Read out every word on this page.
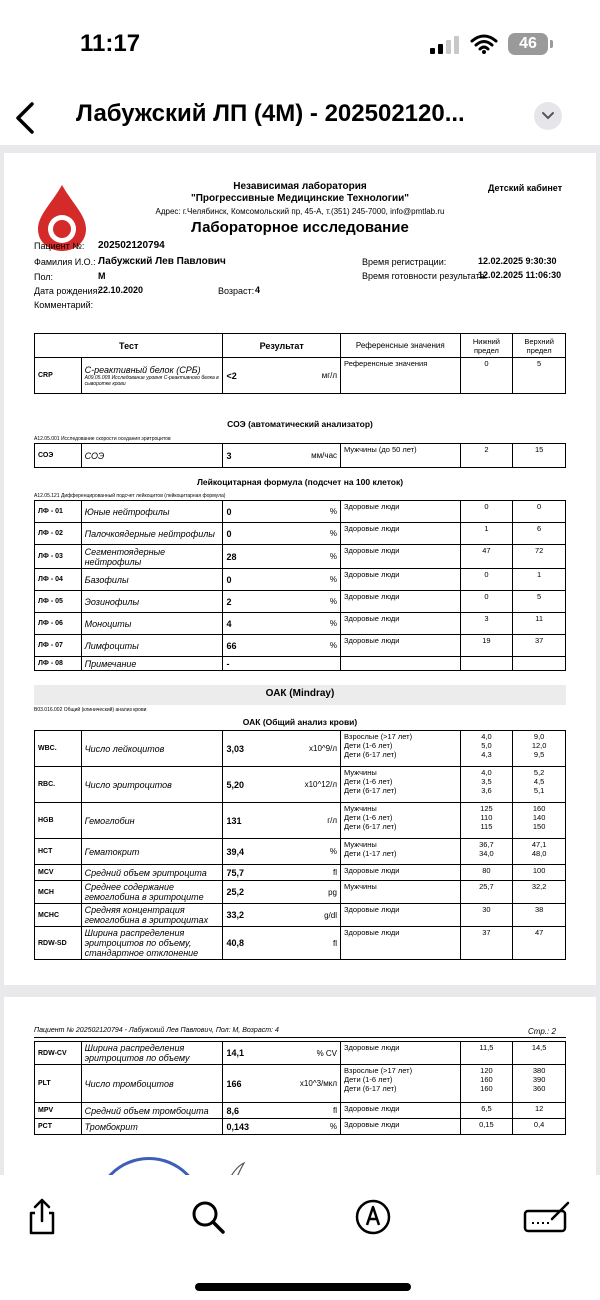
11:17	46
Лабужский ЛП (4М) - 202502120...
Независимая лаборатория
"Прогрессивные Медицинские Технологии"
Адрес: г.Челябинск, Комсомольский пр, 45-А, т.(351) 245-7000, info@pmtlab.ru
Детский кабинет
Лабораторное исследование
Пациент №: 202502120794
Фамилия И.О.: Лабужский Лев Павлович
Пол:	М
Дата рождения:
22.10.2020	Возраст: 4
Комментарий:
Время регистрации:	12.02.2025 9:30:30
Время готовности результата:
12.02.2025 11:06:30
Тест		Результат		Референсные значения	Нижний предел	Верхний предел
CRP	С-реактивный белок (СРБ)
A09.05.009 Исследование уровня С-реактивного белка в сыворотке крови	<2	мг/л	Референсные значения	0	5
СОЭ (автоматический анализатор)
A12.05.001 Исследование скорости оседания эритроцитов
СОЭ	СОЭ	3	мм/час	Мужчины (до 50 лет)	2	15
Лейкоцитарная формула (подсчет на 100 клеток)
A12.05.121 Дифференцированный подсчет лейкоцитов (лейкоцитарная формула)
ЛФ - 01	Юные нейтрофилы	0	%	Здоровые люди	0	0
ЛФ - 02	Палочкоядерные нейтрофилы	0	%	Здоровые люди	1	6
ЛФ - 03	Сегментоядерные нейтрофилы	28	%	Здоровые люди	47	72
ЛФ - 04	Базофилы	0	%	Здоровые люди	0	1
ЛФ - 05	Эозинофилы	2	%	Здоровые люди	0	5
ЛФ - 06	Моноциты	4	%	Здоровые люди	3	11
ЛФ - 07	Лимфоциты	66	%	Здоровые люди	19	37
ЛФ - 08	Примечание	-				
ОАК (Mindray)
B03.016.002 Общий (клинический) анализ крови
ОАК (Общий анализ крови)
WBC.	Число лейкоцитов	3,03	x10^9/л	Взрослые (>17 лет)
Дети (1-6 лет)
Дети (6-17 лет)	4,0
5,0
4,3	9,0
12,0
9,5
RBC.	Число эритроцитов	5,20	x10^12/л	Мужчины
Дети (1-6 лет)
Дети (6-17 лет)	4,0
3,5
3,6	5,2
4,5
5,1
HGB	Гемоглобин	131	г/л	Мужчины
Дети (1-6 лет)
Дети (6-17 лет)	125
110
115	160
140
150
HCT	Гематокрит	39,4	%	Мужчины
Дети (1-17 лет)	36,7
34,0	47,1
48,0
MCV	Средний объем эритроцита	75,7	fl	Здоровые люди	80	100
MCH	Среднее содержание гемоглобина в эритроците	25,2	pg	Мужчины	25,7	32,2
MCHC	Средняя концентрация гемоглобина в эритроцитах	33,2	g/dl	Здоровые люди	30	38
RDW-SD	Ширина распределения эритроцитов по объему, стандартное отклонение	40,8	fl	Здоровые люди	37	47
Пациент № 202502120794 - Лабужский Лев Павлович, Пол: М, Возраст: 4	Стр.: 2
RDW-CV	Ширина распределения эритроцитов по объему	14,1	% CV	Здоровые люди	11,5	14,5
PLT	Число тромбоцитов	166	x10^3/мкл	Взрослые (>17 лет)
Дети (1-6 лет)
Дети (6-17 лет)	120
160
160	380
390
360
MPV	Средний объем тромбоцита	8,6	fl	Здоровые люди	6,5	12
PCT	Тромбокрит	0,143	%	Здоровые люди	0,15	0,4
